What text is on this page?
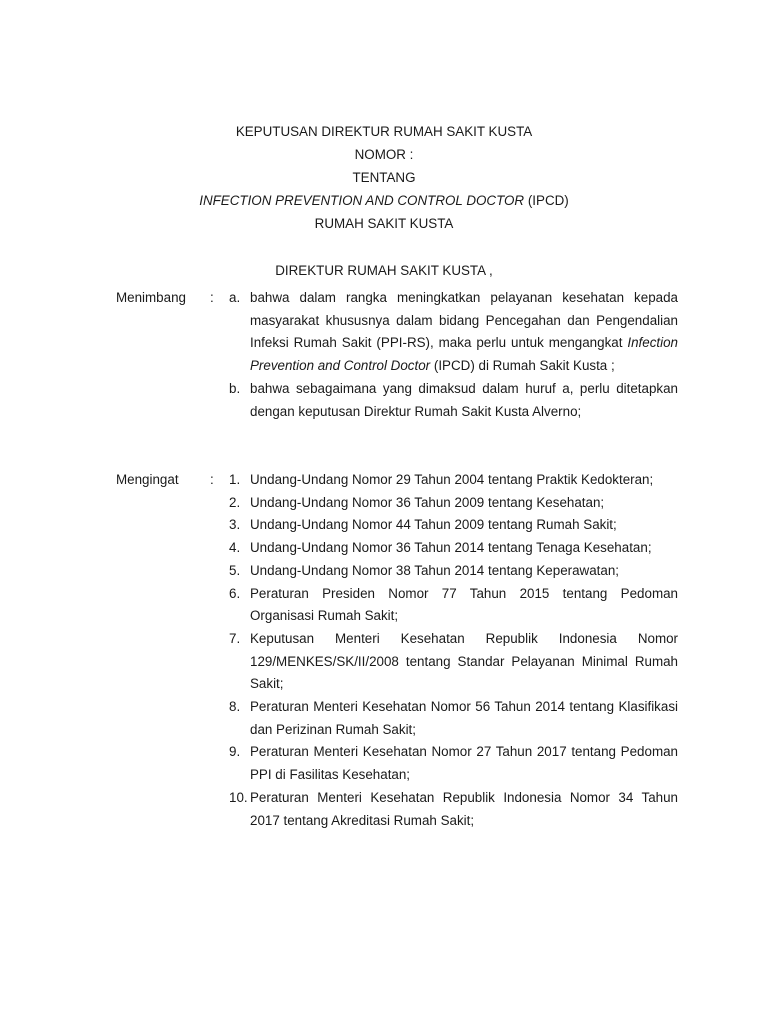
KEPUTUSAN DIREKTUR RUMAH SAKIT KUSTA
NOMOR :
TENTANG
INFECTION PREVENTION AND CONTROL DOCTOR (IPCD)
RUMAH SAKIT KUSTA
DIREKTUR RUMAH SAKIT KUSTA ,
Menimbang : a. bahwa dalam rangka meningkatkan pelayanan kesehatan kepada masyarakat khususnya dalam bidang Pencegahan dan Pengendalian Infeksi Rumah Sakit (PPI-RS), maka perlu untuk mengangkat Infection Prevention and Control Doctor (IPCD) di Rumah Sakit Kusta ;
b. bahwa sebagaimana yang dimaksud dalam huruf a, perlu ditetapkan dengan keputusan Direktur Rumah Sakit Kusta Alverno;
Mengingat : 1. Undang-Undang Nomor 29 Tahun 2004 tentang Praktik Kedokteran;
2. Undang-Undang Nomor 36 Tahun 2009 tentang Kesehatan;
3. Undang-Undang Nomor 44 Tahun 2009 tentang Rumah Sakit;
4. Undang-Undang Nomor 36 Tahun 2014 tentang Tenaga Kesehatan;
5. Undang-Undang Nomor 38 Tahun 2014 tentang Keperawatan;
6. Peraturan Presiden Nomor 77 Tahun 2015 tentang Pedoman Organisasi Rumah Sakit;
7. Keputusan Menteri Kesehatan Republik Indonesia Nomor 129/MENKES/SK/II/2008 tentang Standar Pelayanan Minimal Rumah Sakit;
8. Peraturan Menteri Kesehatan Nomor 56 Tahun 2014 tentang Klasifikasi dan Perizinan Rumah Sakit;
9. Peraturan Menteri Kesehatan Nomor 27 Tahun 2017 tentang Pedoman PPI di Fasilitas Kesehatan;
10. Peraturan Menteri Kesehatan Republik Indonesia Nomor 34 Tahun 2017 tentang Akreditasi Rumah Sakit;
